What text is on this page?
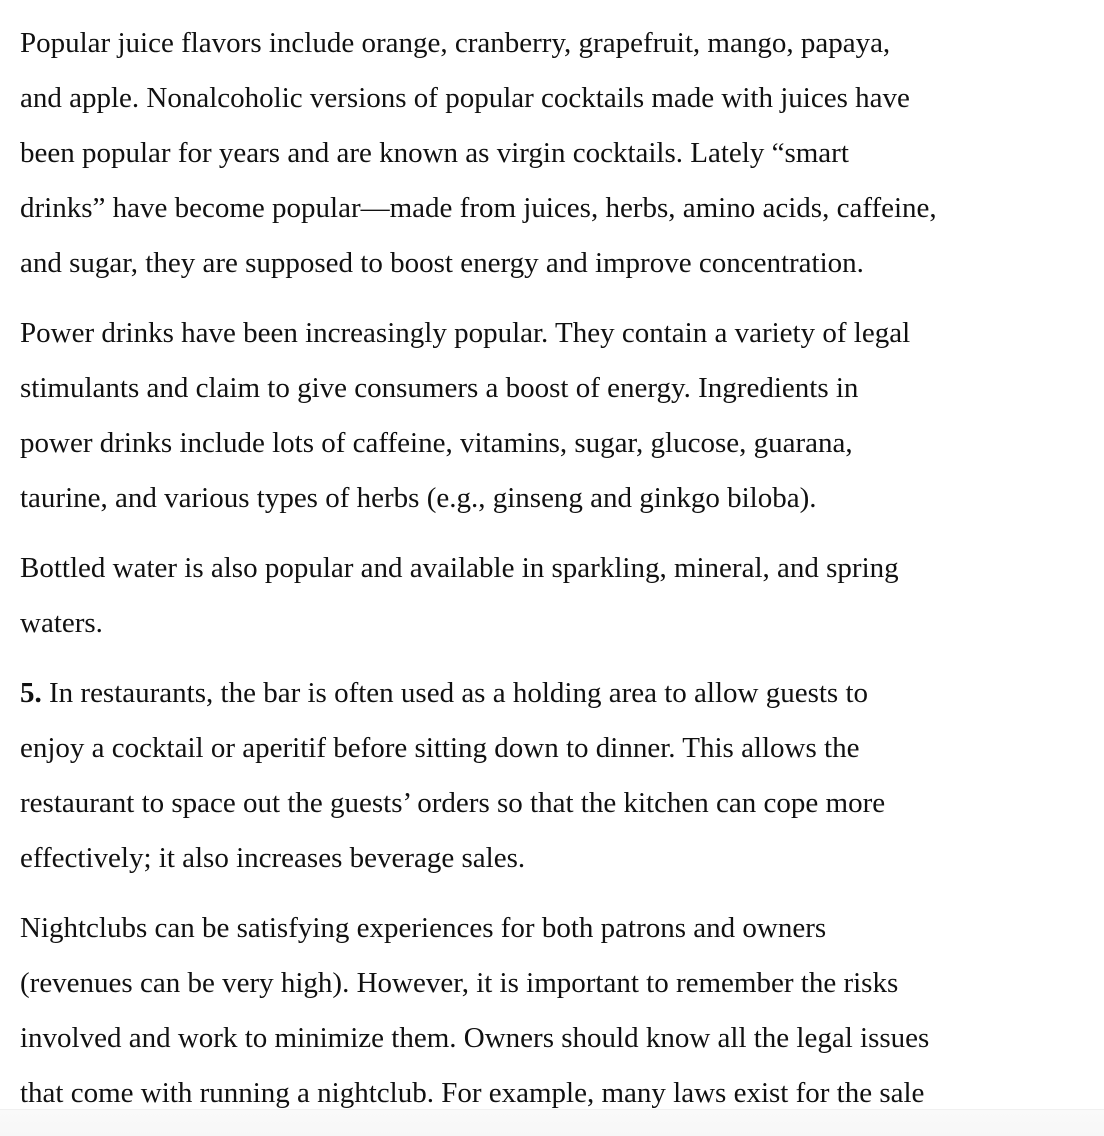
Popular juice flavors include orange, cranberry, grapefruit, mango, papaya,
and apple. Nonalcoholic versions of popular cocktails made with juices have
been popular for years and are known as virgin cocktails. Lately “smart
drinks” have become popular—made from juices, herbs, amino acids, caffeine,
and sugar, they are supposed to boost energy and improve concentration.
Power drinks have been increasingly popular. They contain a variety of legal
stimulants and claim to give consumers a boost of energy. Ingredients in
power drinks include lots of caffeine, vitamins, sugar, glucose, guarana,
taurine, and various types of herbs (e.g., ginseng and ginkgo biloba).
Bottled water is also popular and available in sparkling, mineral, and spring
waters.
5. In restaurants, the bar is often used as a holding area to allow guests to
enjoy a cocktail or aperitif before sitting down to dinner. This allows the
restaurant to space out the guests’ orders so that the kitchen can cope more
effectively; it also increases beverage sales.
Nightclubs can be satisfying experiences for both patrons and owners
(revenues can be very high). However, it is important to remember the risks
involved and work to minimize them. Owners should know all the legal issues
that come with running a nightclub. For example, many laws exist for the sale
